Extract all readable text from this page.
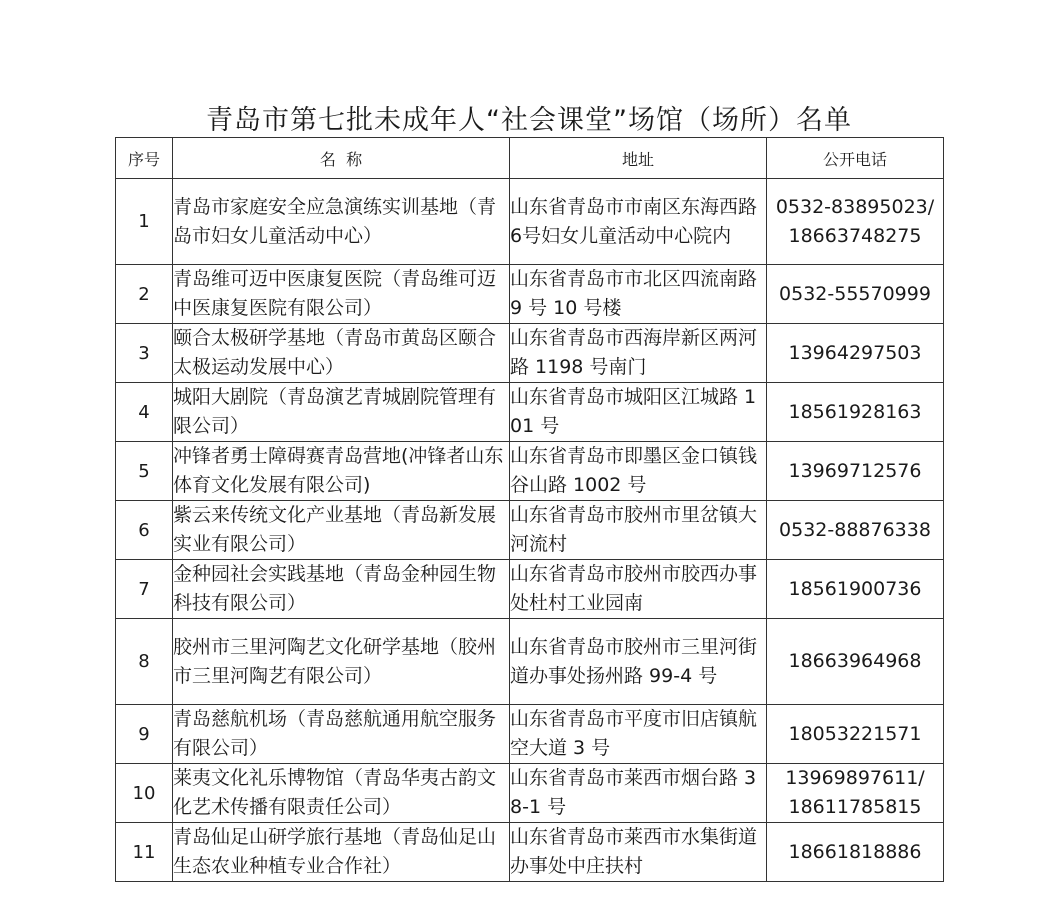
青岛市第七批未成年人“社会课堂”场馆（场所）名单
序号	名  称	地址	公开电话
1	青岛市家庭安全应急演练实训基地（青岛市妇女儿童活动中心）	山东省青岛市市南区东海西路6号妇女儿童活动中心院内	0532-83895023/
18663748275

2	青岛维可迈中医康复医院（青岛维可迈中医康复医院有限公司）	山东省青岛市市北区四流南路 9 号 10 号楼	0532-55570999

3	颐合太极研学基地（青岛市黄岛区颐合太极运动发展中心）	山东省青岛市西海岸新区两河路 1198 号南门	13964297503

4	城阳大剧院（青岛演艺青城剧院管理有限公司）	山东省青岛市城阳区江城路 101 号	18561928163

5	冲锋者勇士障碍赛青岛营地(冲锋者山东体育文化发展有限公司)	山东省青岛市即墨区金口镇钱谷山路 1002 号	13969712576

6	紫云来传统文化产业基地（青岛新发展实业有限公司）	山东省青岛市胶州市里岔镇大河流村	0532-88876338

7	金种园社会实践基地（青岛金种园生物科技有限公司）	山东省青岛市胶州市胶西办事处杜村工业园南	18561900736

8	胶州市三里河陶艺文化研学基地（胶州市三里河陶艺有限公司）	山东省青岛市胶州市三里河街道办事处扬州路 99-4 号	18663964968

9	青岛慈航机场（青岛慈航通用航空服务有限公司）	山东省青岛市平度市旧店镇航空大道 3 号	18053221571

10	莱夷文化礼乐博物馆（青岛华夷古韵文化艺术传播有限责任公司）	山东省青岛市莱西市烟台路 38-1 号	13969897611/
18611785815

11	青岛仙足山研学旅行基地（青岛仙足山生态农业种植专业合作社）	山东省青岛市莱西市水集街道办事处中庄扶村	18661818886
